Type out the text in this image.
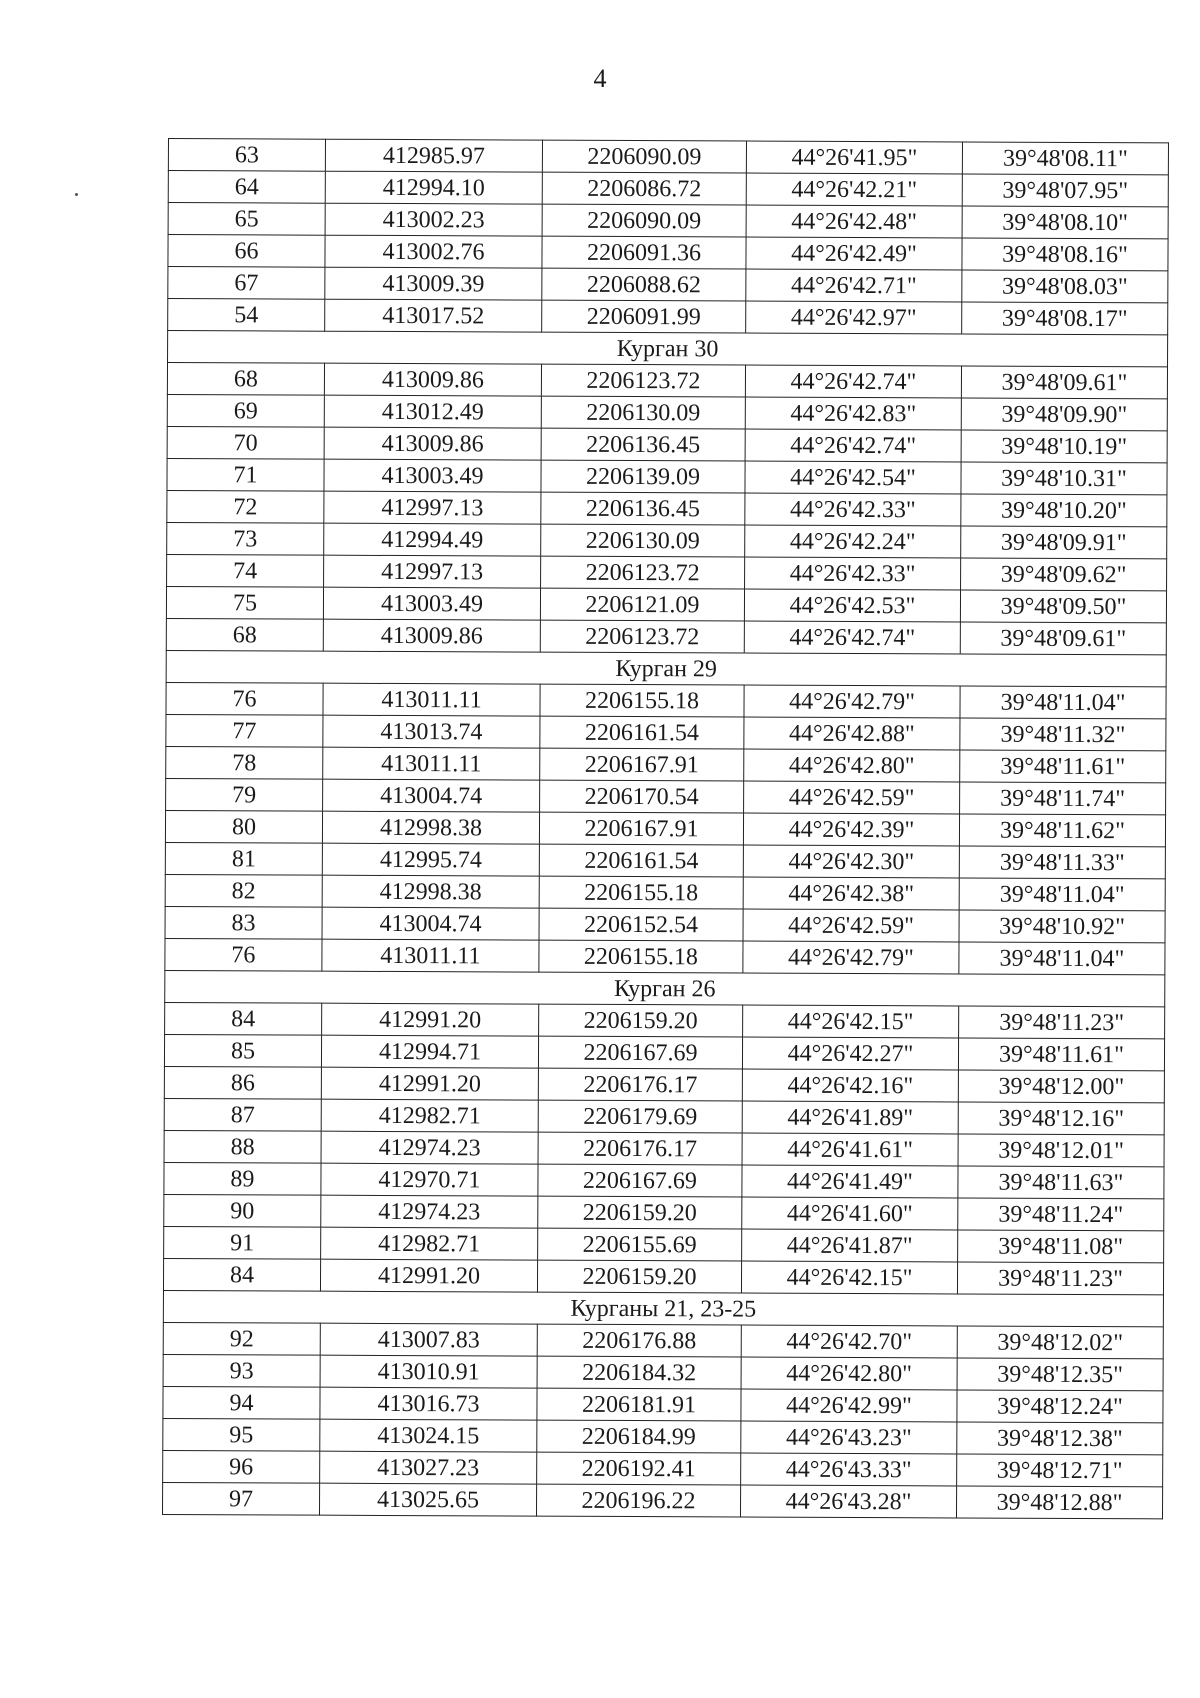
4
63	412985.97	2206090.09	44°26'41.95"	39°48'08.11"
64	412994.10	2206086.72	44°26'42.21"	39°48'07.95"
65	413002.23	2206090.09	44°26'42.48"	39°48'08.10"
66	413002.76	2206091.36	44°26'42.49"	39°48'08.16"
67	413009.39	2206088.62	44°26'42.71"	39°48'08.03"
54	413017.52	2206091.99	44°26'42.97"	39°48'08.17"
Курган 30				
68	413009.86	2206123.72	44°26'42.74"	39°48'09.61"
69	413012.49	2206130.09	44°26'42.83"	39°48'09.90"
70	413009.86	2206136.45	44°26'42.74"	39°48'10.19"
71	413003.49	2206139.09	44°26'42.54"	39°48'10.31"
72	412997.13	2206136.45	44°26'42.33"	39°48'10.20"
73	412994.49	2206130.09	44°26'42.24"	39°48'09.91"
74	412997.13	2206123.72	44°26'42.33"	39°48'09.62"
75	413003.49	2206121.09	44°26'42.53"	39°48'09.50"
68	413009.86	2206123.72	44°26'42.74"	39°48'09.61"
Курган 29				
76	413011.11	2206155.18	44°26'42.79"	39°48'11.04"
77	413013.74	2206161.54	44°26'42.88"	39°48'11.32"
78	413011.11	2206167.91	44°26'42.80"	39°48'11.61"
79	413004.74	2206170.54	44°26'42.59"	39°48'11.74"
80	412998.38	2206167.91	44°26'42.39"	39°48'11.62"
81	412995.74	2206161.54	44°26'42.30"	39°48'11.33"
82	412998.38	2206155.18	44°26'42.38"	39°48'11.04"
83	413004.74	2206152.54	44°26'42.59"	39°48'10.92"
76	413011.11	2206155.18	44°26'42.79"	39°48'11.04"
Курган 26				
84	412991.20	2206159.20	44°26'42.15"	39°48'11.23"
85	412994.71	2206167.69	44°26'42.27"	39°48'11.61"
86	412991.20	2206176.17	44°26'42.16"	39°48'12.00"
87	412982.71	2206179.69	44°26'41.89"	39°48'12.16"
88	412974.23	2206176.17	44°26'41.61"	39°48'12.01"
89	412970.71	2206167.69	44°26'41.49"	39°48'11.63"
90	412974.23	2206159.20	44°26'41.60"	39°48'11.24"
91	412982.71	2206155.69	44°26'41.87"	39°48'11.08"
84	412991.20	2206159.20	44°26'42.15"	39°48'11.23"
Курганы 21, 23-25				
92	413007.83	2206176.88	44°26'42.70"	39°48'12.02"
93	413010.91	2206184.32	44°26'42.80"	39°48'12.35"
94	413016.73	2206181.91	44°26'42.99"	39°48'12.24"
95	413024.15	2206184.99	44°26'43.23"	39°48'12.38"
96	413027.23	2206192.41	44°26'43.33"	39°48'12.71"
97	413025.65	2206196.22	44°26'43.28"	39°48'12.88"
